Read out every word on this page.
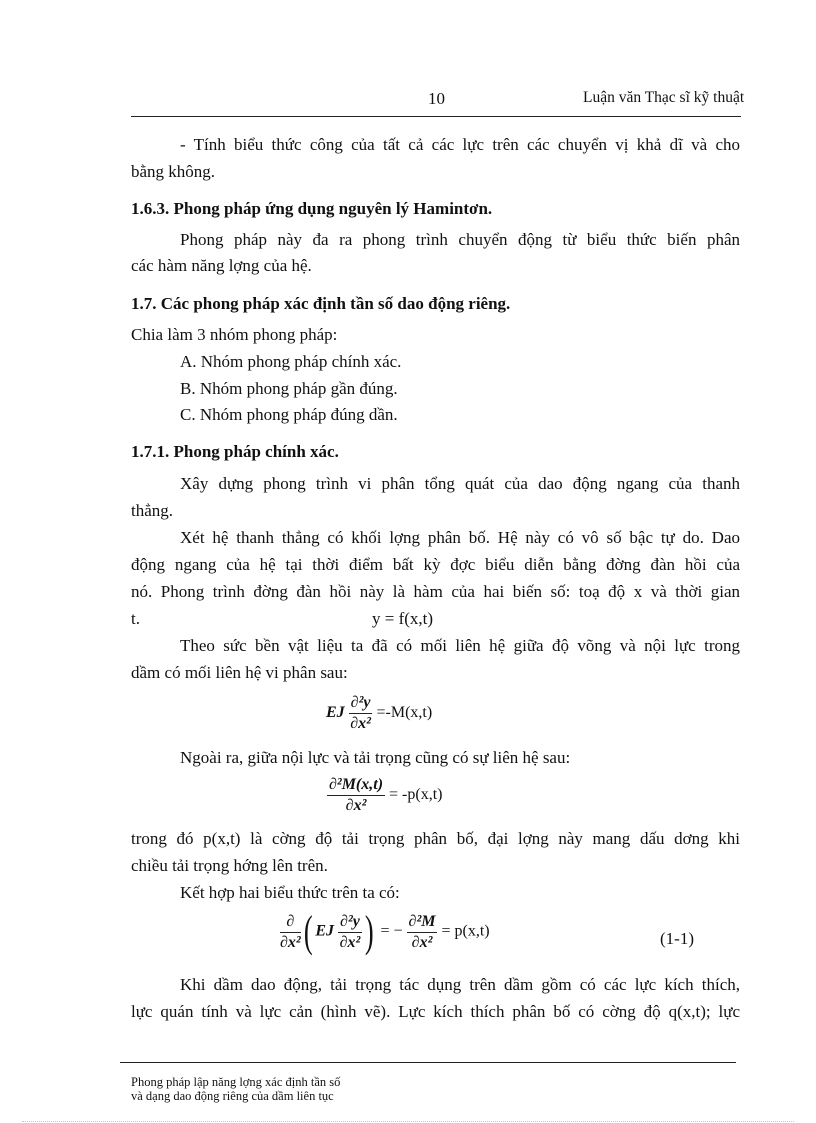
10	Luận văn Thạc sĩ kỹ thuật
- Tính biểu thức công của tất cả các lực trên các chuyển vị khả dĩ và cho
bằng không.
1.6.3. Phong pháp ứng dụng nguyên lý Hamintơn.
Phong pháp này đa ra phong trình chuyển động từ biểu thức biến phân
các hàm năng lợng của hệ.
1.7. Các phong pháp xác định tần số dao động riêng.
Chia làm 3 nhóm phong pháp:
A. Nhóm phong pháp chính xác.
B. Nhóm phong pháp gần đúng.
C. Nhóm phong pháp đúng dần.
1.7.1. Phong pháp chính xác.
Xây dựng phong trình vi phân tổng quát của dao động ngang của thanh
thẳng.
Xét hệ thanh thẳng có khối lợng phân bố. Hệ này có vô số bậc tự do. Dao
động ngang của hệ tại thời điểm bất kỳ đợc biểu diễn bằng đờng đàn hồi của
nó. Phong trình đờng đàn hồi này là hàm của hai biến số: toạ độ x và thời gian
t.	y = f(x,t)
Theo sức bền vật liệu ta đã có mối liên hệ giữa độ võng và nội lực trong
dầm có mối liên hệ vi phân sau:
EJ $\frac{\text{∂²y}}{\text{∂x²}} =-M(x,t)$
Ngoài ra, giữa nội lực và tải trọng cũng có sự liên hệ sau:
$\frac{\text{∂²M(x,t)}}{\text{∂x²}} = -p(x,t)$
trong đó p(x,t) là cờng độ tải trọng phân bố, đại lợng này mang dấu dơng khi
chiều tải trọng hớng lên trên.
Kết hợp hai biểu thức trên ta có:
$\frac{\partial}{\text{∂x²}}$ ( EJ $\frac{\text{∂²y}}{\text{∂x²}}$ ) = − $\frac{\text{∂²M}}{\text{∂x²}} = p(x,t)$	(1-1)
Khi dầm dao động, tải trọng tác dụng trên dầm gồm có các lực kích thích,
lực quán tính và lực cản (hình vẽ). Lực kích thích phân bố có cờng độ q(x,t); lực
Phong pháp lập năng lợng xác định tần số
và dạng dao động riêng của dầm liên tục
